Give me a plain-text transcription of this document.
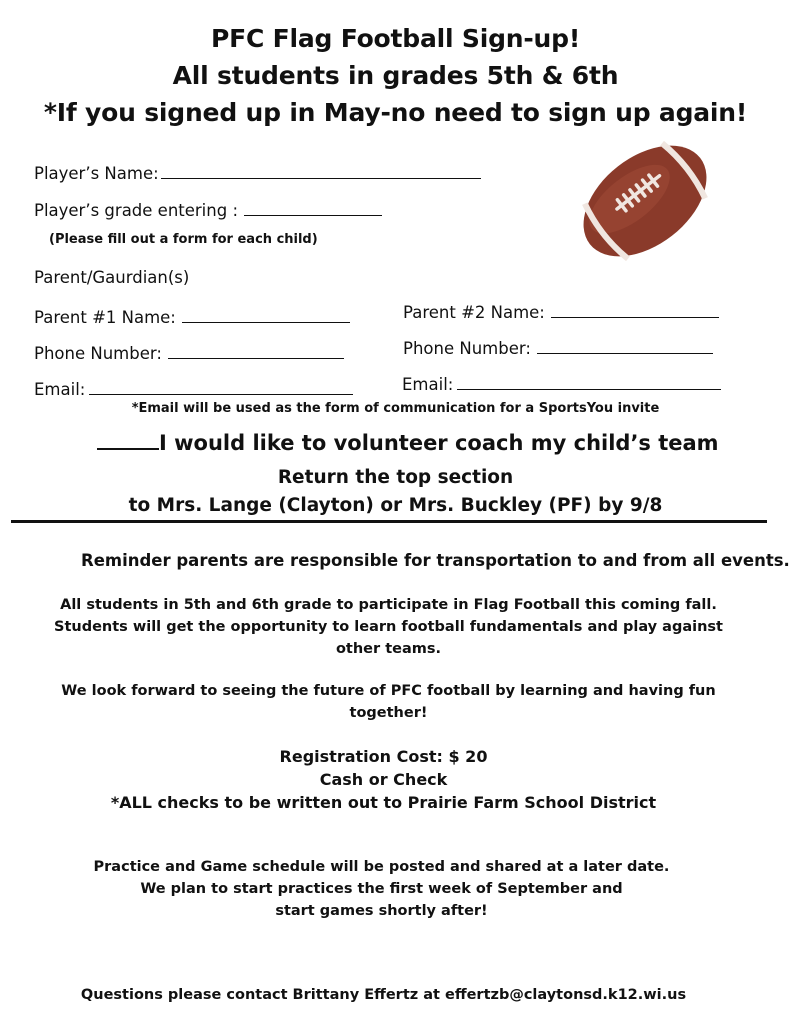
PFC Flag Football Sign-up!
All students in grades 5th & 6th
*If you signed up in May-no need to sign up again!
Player’s Name:
Player’s grade entering :
(Please fill out a form for each child)
Parent/Gaurdian(s)
Parent #1 Name:
Phone Number:
Email:
Parent #2 Name:
Phone Number:
Email:
*Email will be used as the form of communication for a SportsYou invite
I would like to volunteer coach my child’s team
Return the top section
to Mrs. Lange (Clayton) or Mrs. Buckley (PF) by 9/8
Reminder parents are responsible for transportation to and from all events.
All students in 5th and 6th grade to participate in Flag Football this coming fall.
Students will get the opportunity to learn football fundamentals and play against
other teams.
We look forward to seeing the future of PFC football by learning and having fun
together!
Registration Cost: $ 20
Cash or Check
*ALL checks to be written out to Prairie Farm School District
Practice and Game schedule will be posted and shared at a later date.
We plan to start practices the first week of September and
start games shortly after!
Questions please contact Brittany Effertz at effertzb@claytonsd.k12.wi.us
